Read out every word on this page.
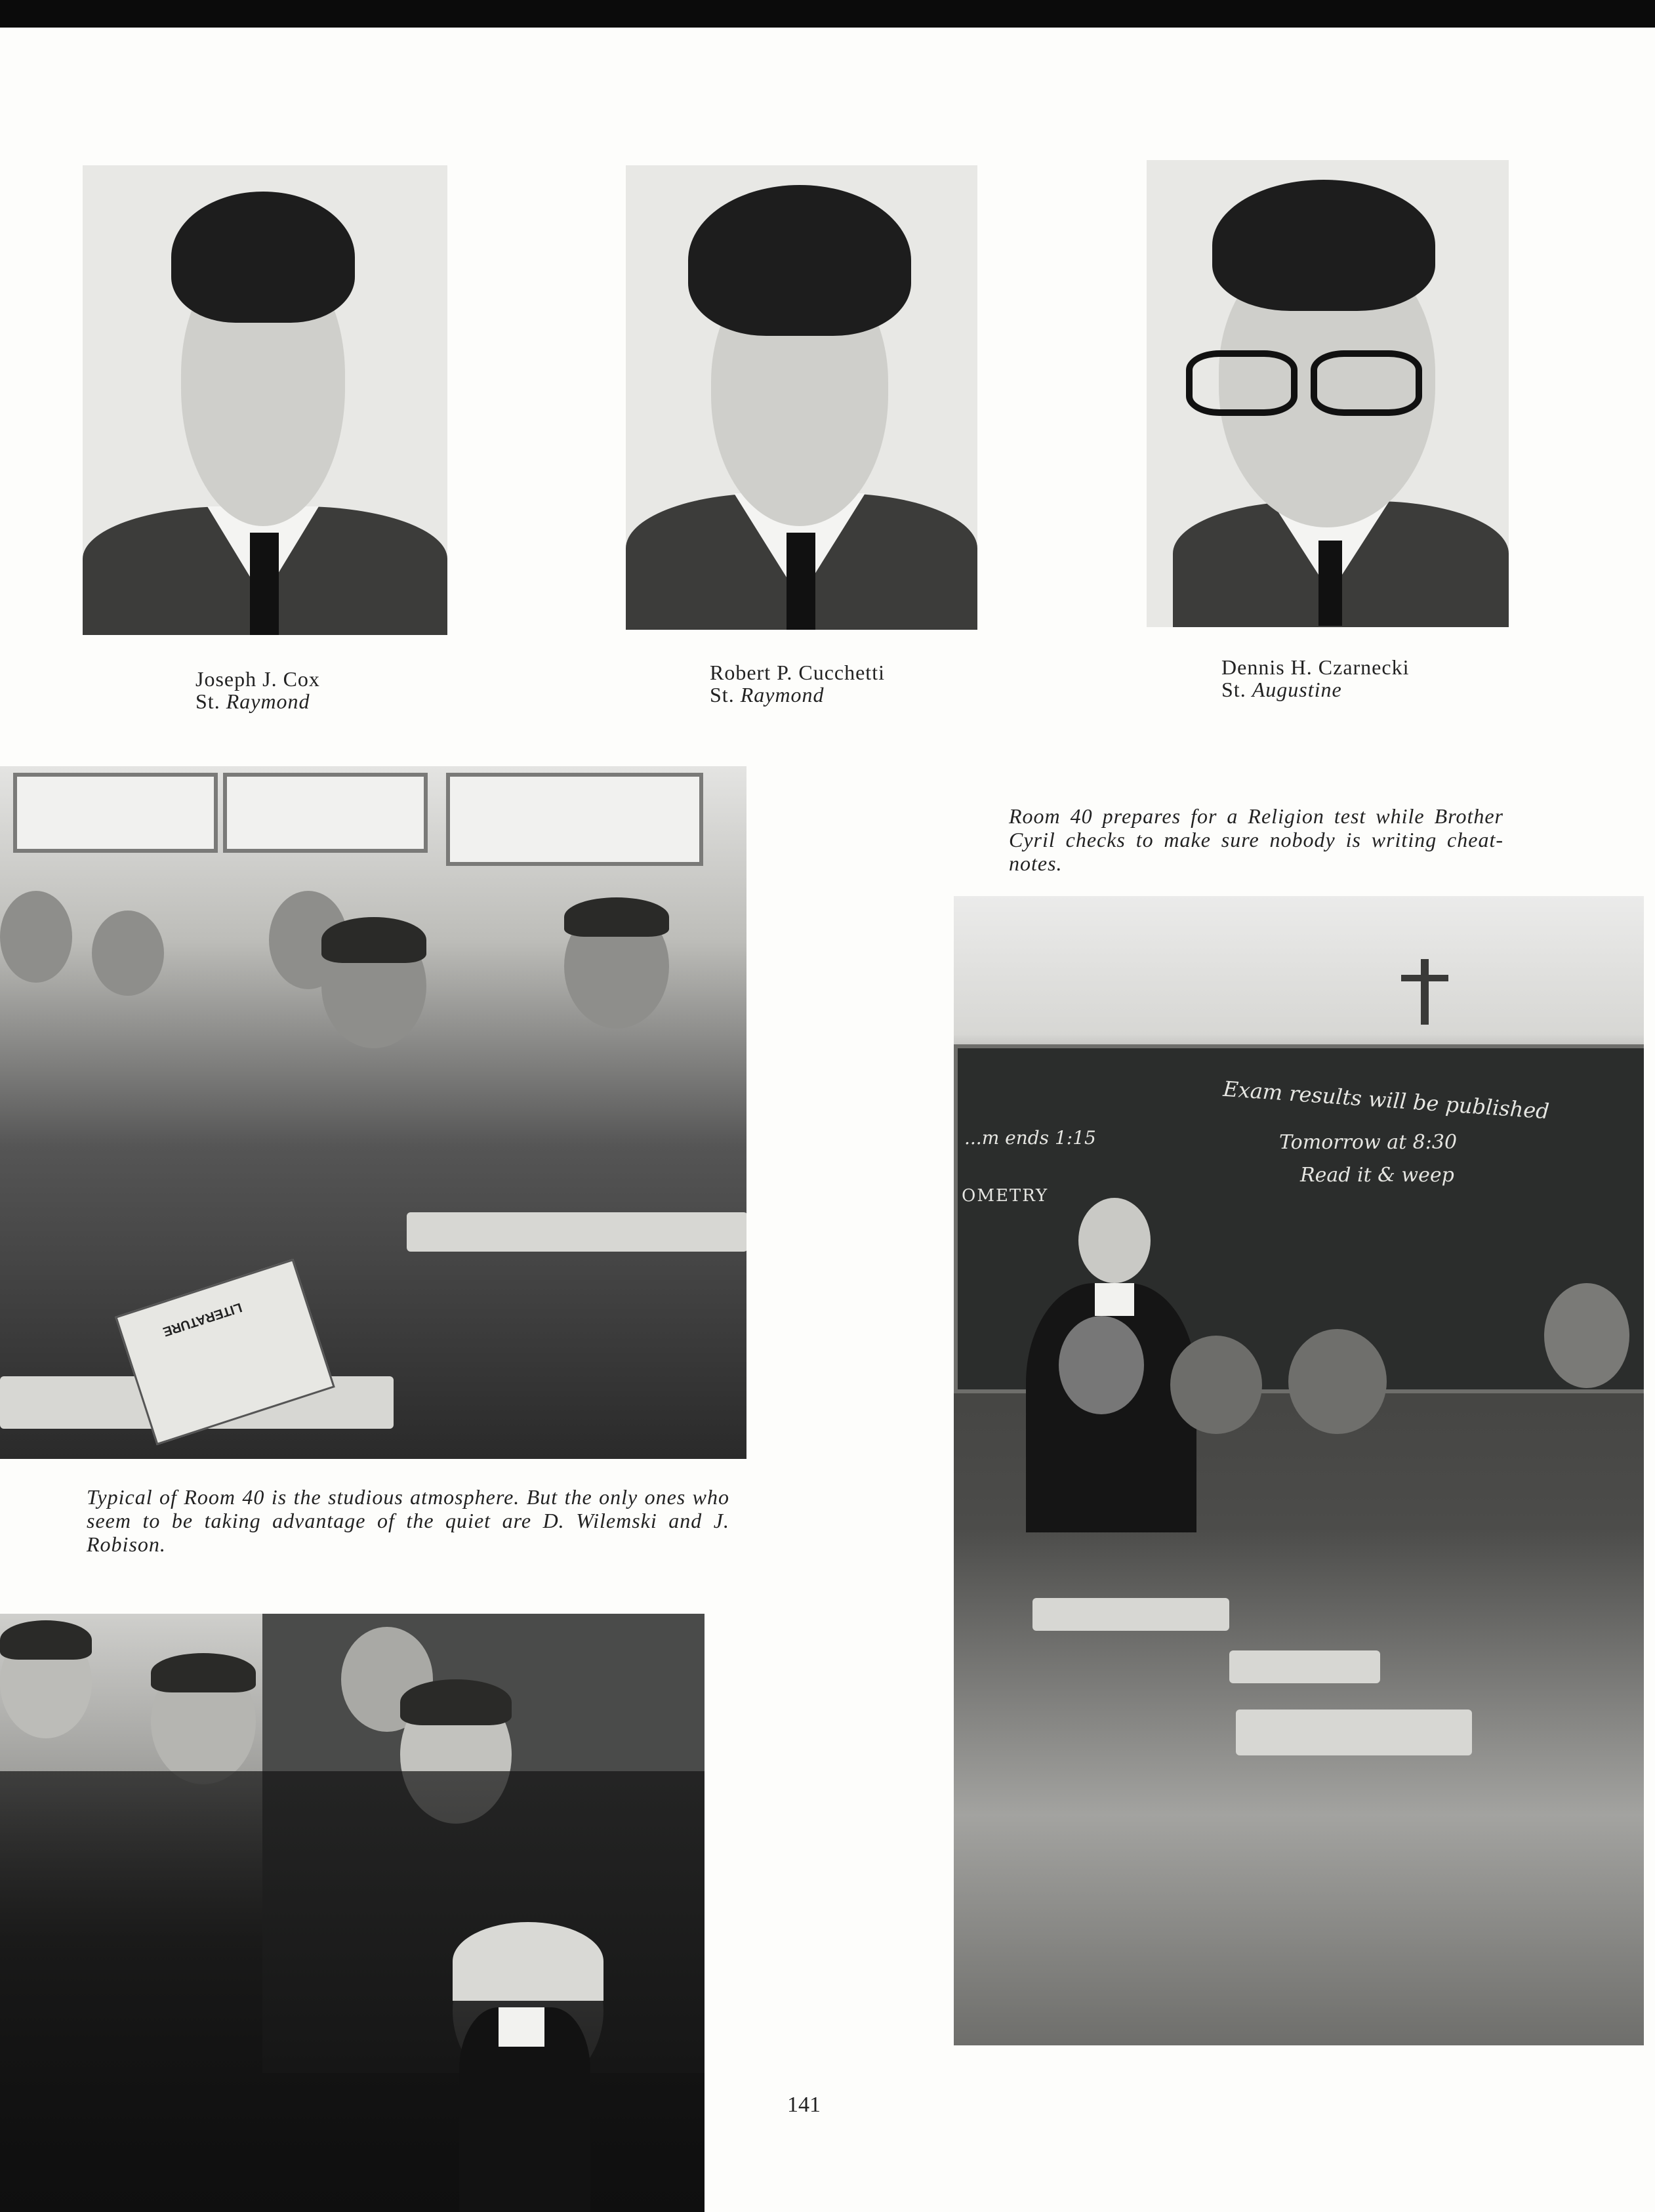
Joseph J. Cox
St. Raymond
Robert P. Cucchetti
St. Raymond
Dennis H. Czarnecki
St. Augustine
LITERATURE
Typical of Room 40 is the studious atmosphere. But the only ones who seem to be taking advantage of the quiet are D. Wilemski and J. Robison.
Room 40 prepares for a Religion test while Brother Cyril checks to make sure nobody is writing cheat-notes.
Exam results will be published
Tomorrow at 8:30
Read it & weep
...m ends 1:15
OMETRY
141
